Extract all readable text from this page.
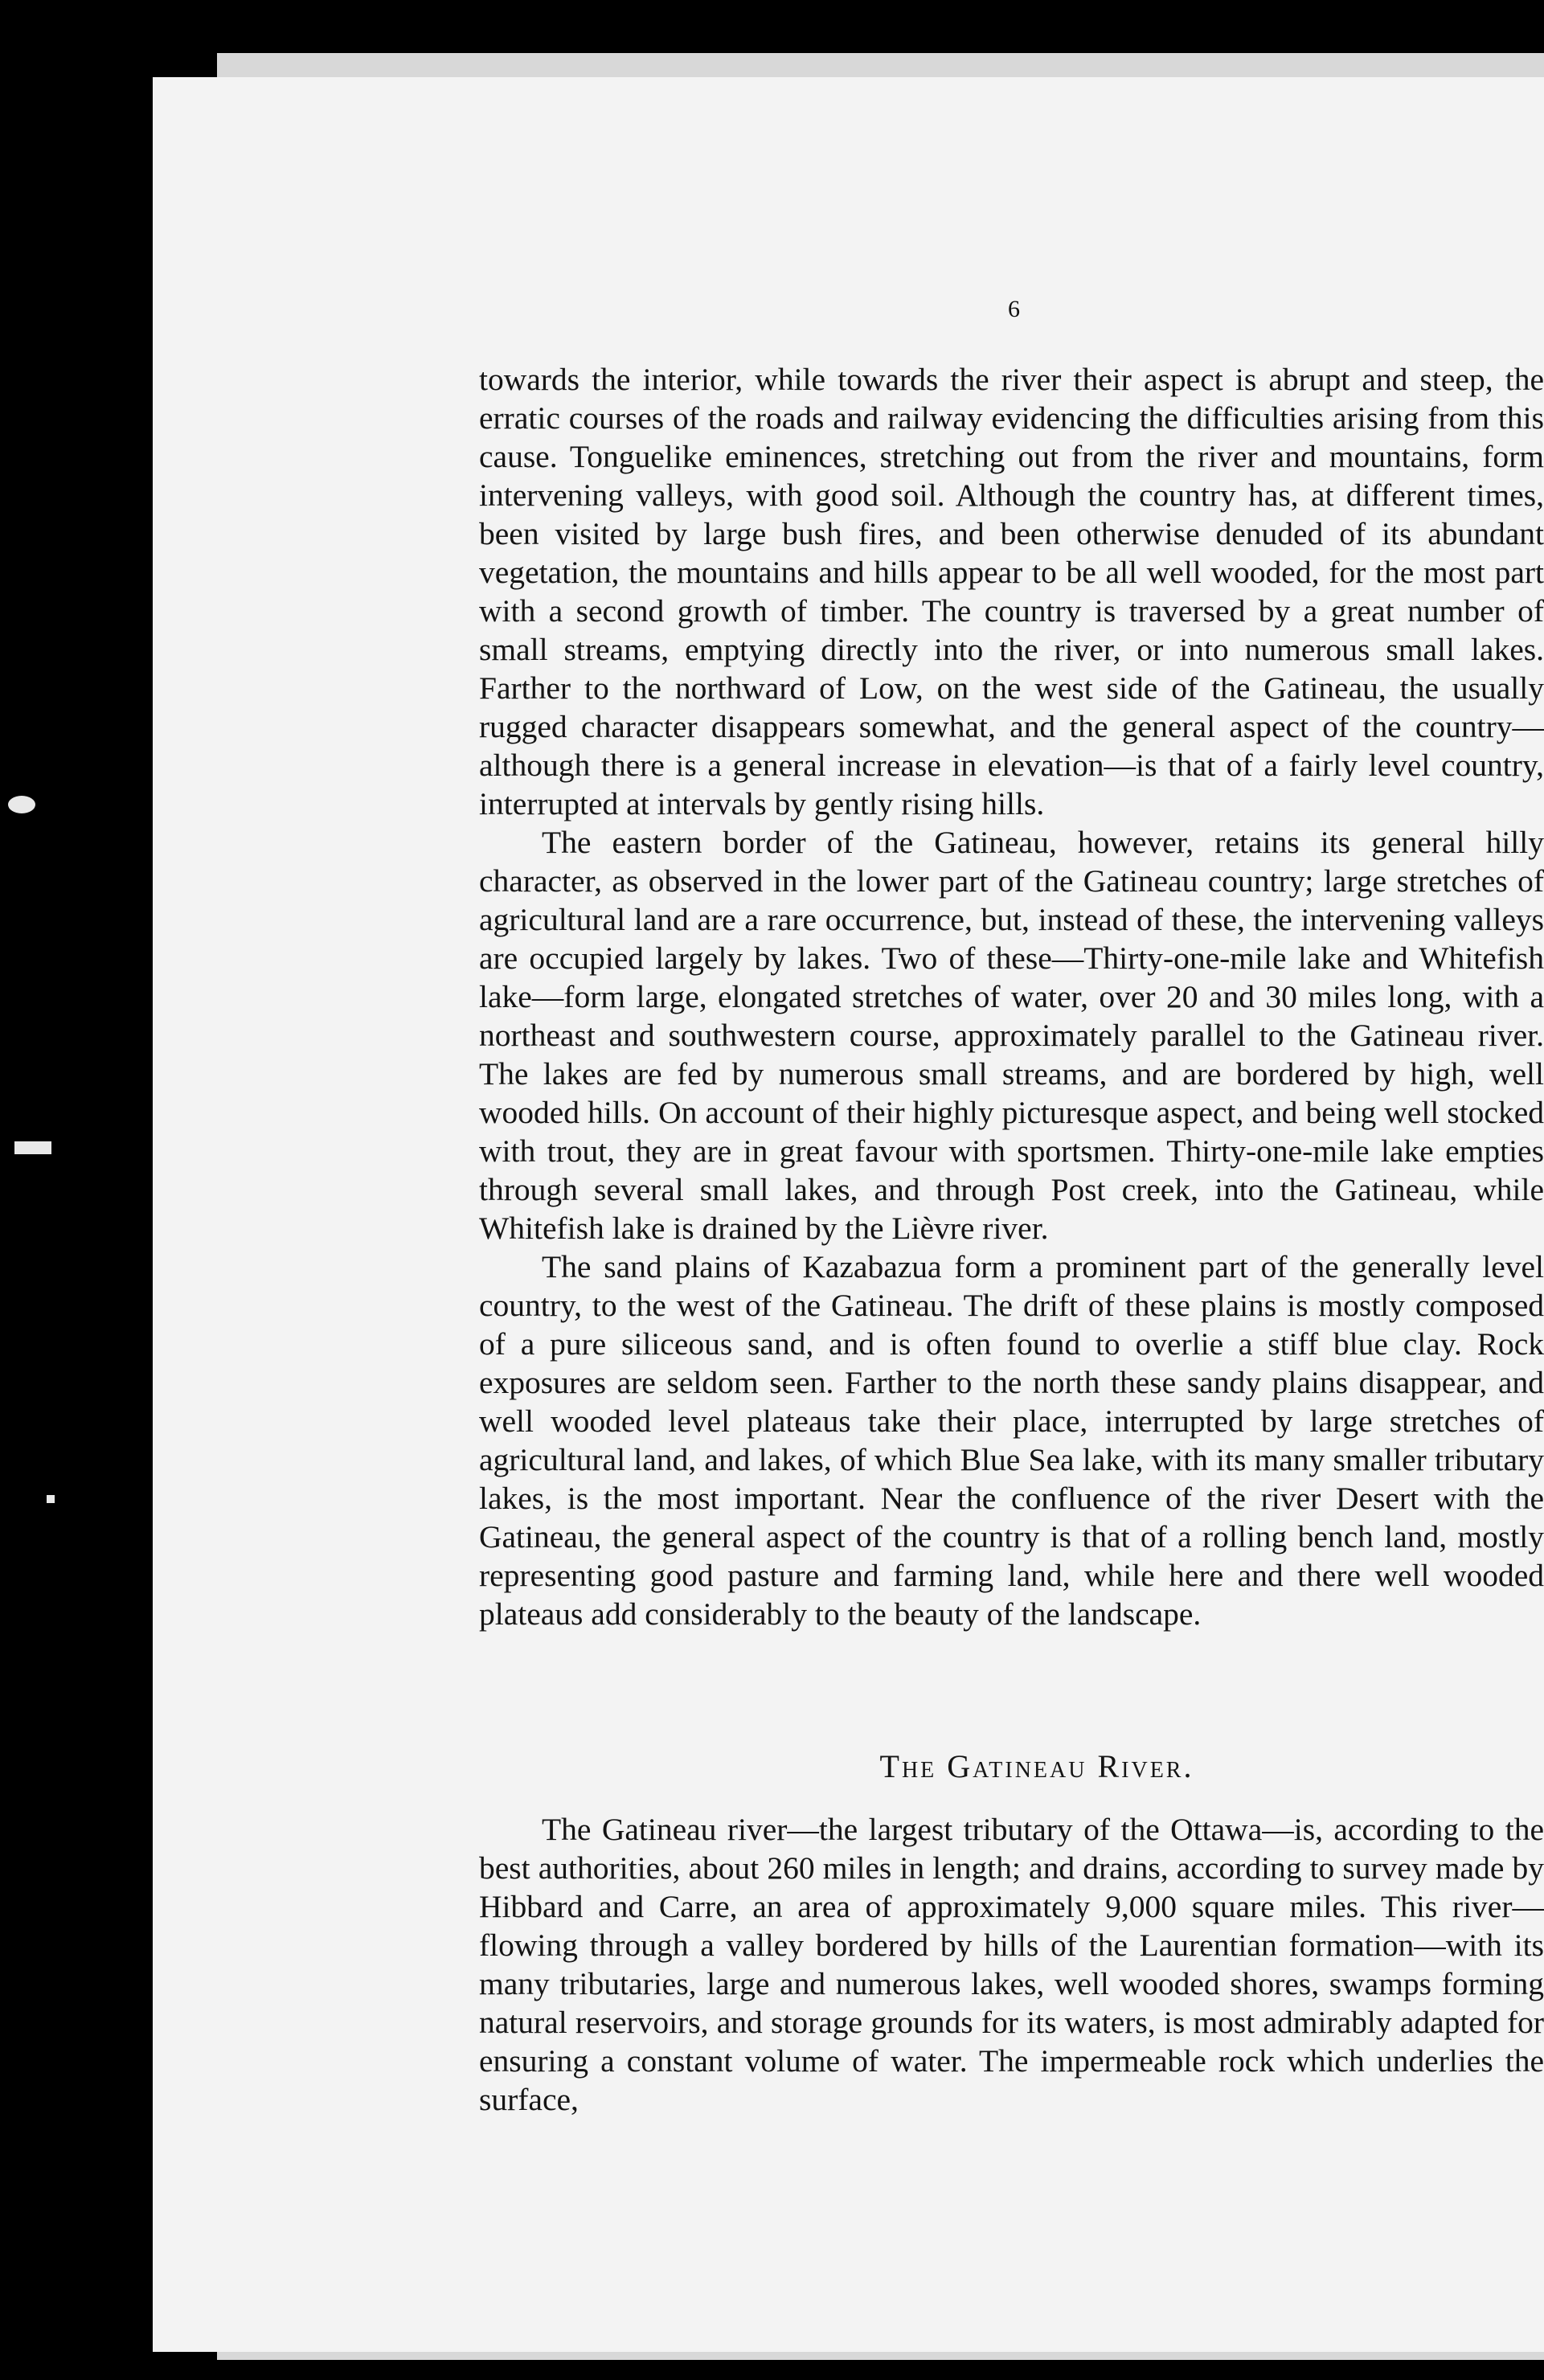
6

towards the interior, while towards the river their aspect is abrupt and steep, the erratic courses of the roads and railway evidencing the difficulties arising from this cause. Tonguelike eminences, stretching out from the river and mountains, form intervening valleys, with good soil. Although the country has, at different times, been visited by large bush fires, and been otherwise denuded of its abundant vegetation, the mountains and hills appear to be all well wooded, for the most part with a second growth of timber. The country is traversed by a great number of small streams, emptying directly into the river, or into numerous small lakes. Farther to the northward of Low, on the west side of the Gatineau, the usually rugged character disappears somewhat, and the general aspect of the country—although there is a general increase in elevation—is that of a fairly level country, interrupted at intervals by gently rising hills.

The eastern border of the Gatineau, however, retains its general hilly character, as observed in the lower part of the Gatineau country; large stretches of agricultural land are a rare occurrence, but, instead of these, the intervening valleys are occupied largely by lakes. Two of these—Thirty-one-mile lake and Whitefish lake—form large, elongated stretches of water, over 20 and 30 miles long, with a northeast and southwestern course, approximately parallel to the Gatineau river. The lakes are fed by numerous small streams, and are bordered by high, well wooded hills. On account of their highly picturesque aspect, and being well stocked with trout, they are in great favour with sportsmen. Thirty-one-mile lake empties through several small lakes, and through Post creek, into the Gatineau, while Whitefish lake is drained by the Lièvre river.

The sand plains of Kazabazua form a prominent part of the generally level country, to the west of the Gatineau. The drift of these plains is mostly composed of a pure siliceous sand, and is often found to overlie a stiff blue clay. Rock exposures are seldom seen. Farther to the north these sandy plains disappear, and well wooded level plateaus take their place, interrupted by large stretches of agricultural land, and lakes, of which Blue Sea lake, with its many smaller tributary lakes, is the most important. Near the confluence of the river Desert with the Gatineau, the general aspect of the country is that of a rolling bench land, mostly representing good pasture and farming land, while here and there well wooded plateaus add considerably to the beauty of the landscape.

The Gatineau River.

The Gatineau river—the largest tributary of the Ottawa—is, according to the best authorities, about 260 miles in length; and drains, according to survey made by Hibbard and Carre, an area of approximately 9,000 square miles. This river—flowing through a valley bordered by hills of the Laurentian formation—with its many tributaries, large and numerous lakes, well wooded shores, swamps forming natural reservoirs, and storage grounds for its waters, is most admirably adapted for ensuring a constant volume of water. The impermeable rock which underlies the surface,
